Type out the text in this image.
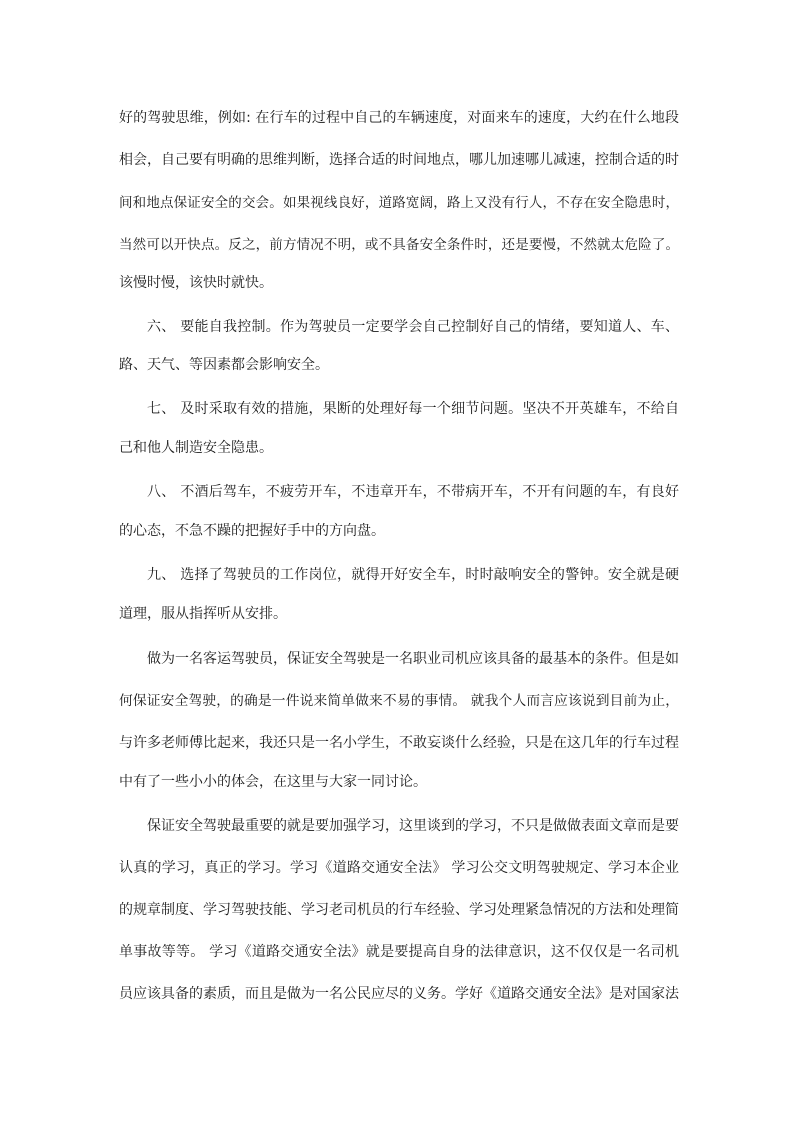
好的驾驶思维，例如: 在行车的过程中自己的车辆速度，对面来车的速度，大约在什么地段

相会，自己要有明确的思维判断，选择合适的时间地点，哪儿加速哪儿减速，控制合适的时

间和地点保证安全的交会。如果视线良好，道路宽阔，路上又没有行人，不存在安全隐患时，

当然可以开快点。反之，前方情况不明，或不具备安全条件时，还是要慢，不然就太危险了。

该慢时慢，该快时就快。

六、 要能自我控制。作为驾驶员一定要学会自己控制好自己的情绪，要知道人、车、

路、天气、等因素都会影响安全。

七、 及时采取有效的措施，果断的处理好每一个细节问题。坚决不开英雄车，不给自

己和他人制造安全隐患。

八、 不酒后驾车，不疲劳开车，不违章开车，不带病开车，不开有问题的车，有良好

的心态，不急不躁的把握好手中的方向盘。

九、 选择了驾驶员的工作岗位，就得开好安全车，时时敲响安全的警钟。安全就是硬

道理，服从指挥听从安排。

做为一名客运驾驶员，保证安全驾驶是一名职业司机应该具备的最基本的条件。但是如

何保证安全驾驶，的确是一件说来简单做来不易的事情。 就我个人而言应该说到目前为止，

与许多老师傅比起来，我还只是一名小学生，不敢妄谈什么经验，只是在这几年的行车过程

中有了一些小小的体会，在这里与大家一同讨论。

保证安全驾驶最重要的就是要加强学习，这里谈到的学习，不只是做做表面文章而是要

认真的学习，真正的学习。学习《道路交通安全法》 学习公交文明驾驶规定、学习本企业

的规章制度、学习驾驶技能、学习老司机员的行车经验、学习处理紧急情况的方法和处理简

单事故等等。 学习《道路交通安全法》就是要提高自身的法律意识，这不仅仅是一名司机

员应该具备的素质，而且是做为一名公民应尽的义务。学好《道路交通安全法》是对国家法
